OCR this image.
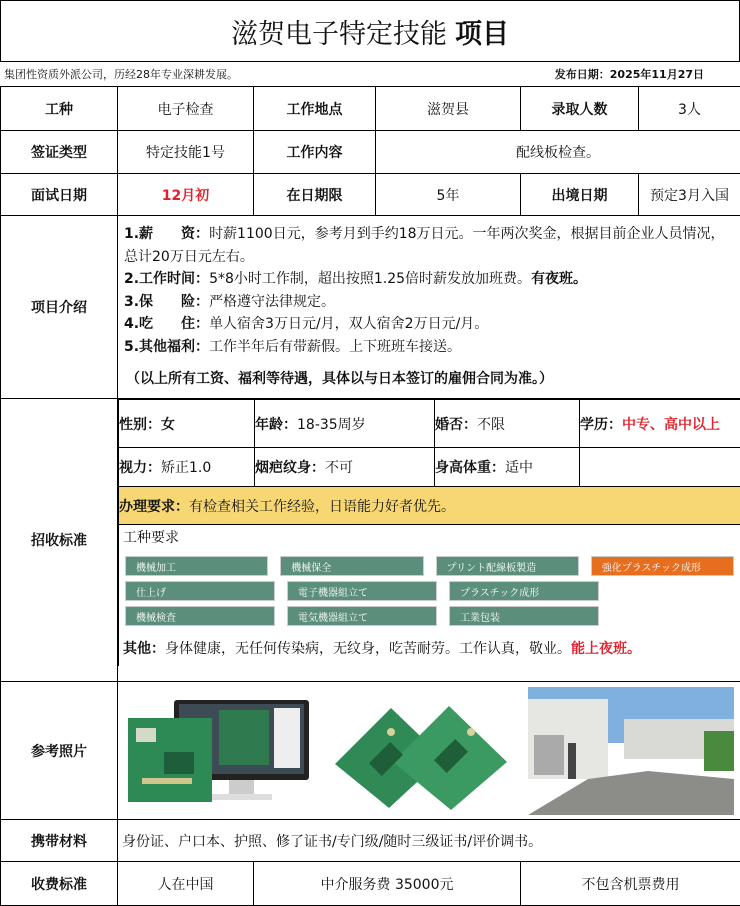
滋贺电子特定技能 项目
集团性资质外派公司，历经28年专业深耕发展。	发布日期：2025年11月27日
工种	电子检查	工作地点	滋贺县	录取人数	3人
签证类型	特定技能1号	工作内容	配线板检查。
面试日期	12月初	在日期限	5年	出境日期	预定3月入国
项目介绍	

1.薪　　资：时薪1100日元，参考月到手约18万日元。一年两次奖金，根据目前企业人员情况，总计20万日元左右。

2.工作时间：5*8小时工作制，超出按照1.25倍时薪发放加班费。有夜班。

3.保　　险：严格遵守法律规定。

4.吃　　住：单人宿舍3万日元/月，双人宿舍2万日元/月。

5.其他福利：工作半年后有带薪假。上下班班车接送。

（以上所有工资、福利等待遇，具体以与日本签订的雇佣合同为准。）

招收标准	
性别：女	年龄：18-35周岁	婚否：不限	学历：中专、高中以上
视力：矫正1.0	烟疤纹身：不可	身高体重：适中	
办理要求：有检查相关工作经验，日语能力好者优先。

工种要求
機械加工	機械保全	プリント配線板製造	強化プラスチック成形
仕上げ	電子機器組立て	プラスチック成形
機械検査	電気機器組立て	工業包装
其他：身体健康，无任何传染病，无纹身，吃苦耐劳。工作认真，敬业。能上夜班。

参考照片	

携带材料	身份证、户口本、护照、修了证书/专门级/随时三级证书/评价调书。
收费标准	人在中国	中介服务费 35000元	不包含机票费用
